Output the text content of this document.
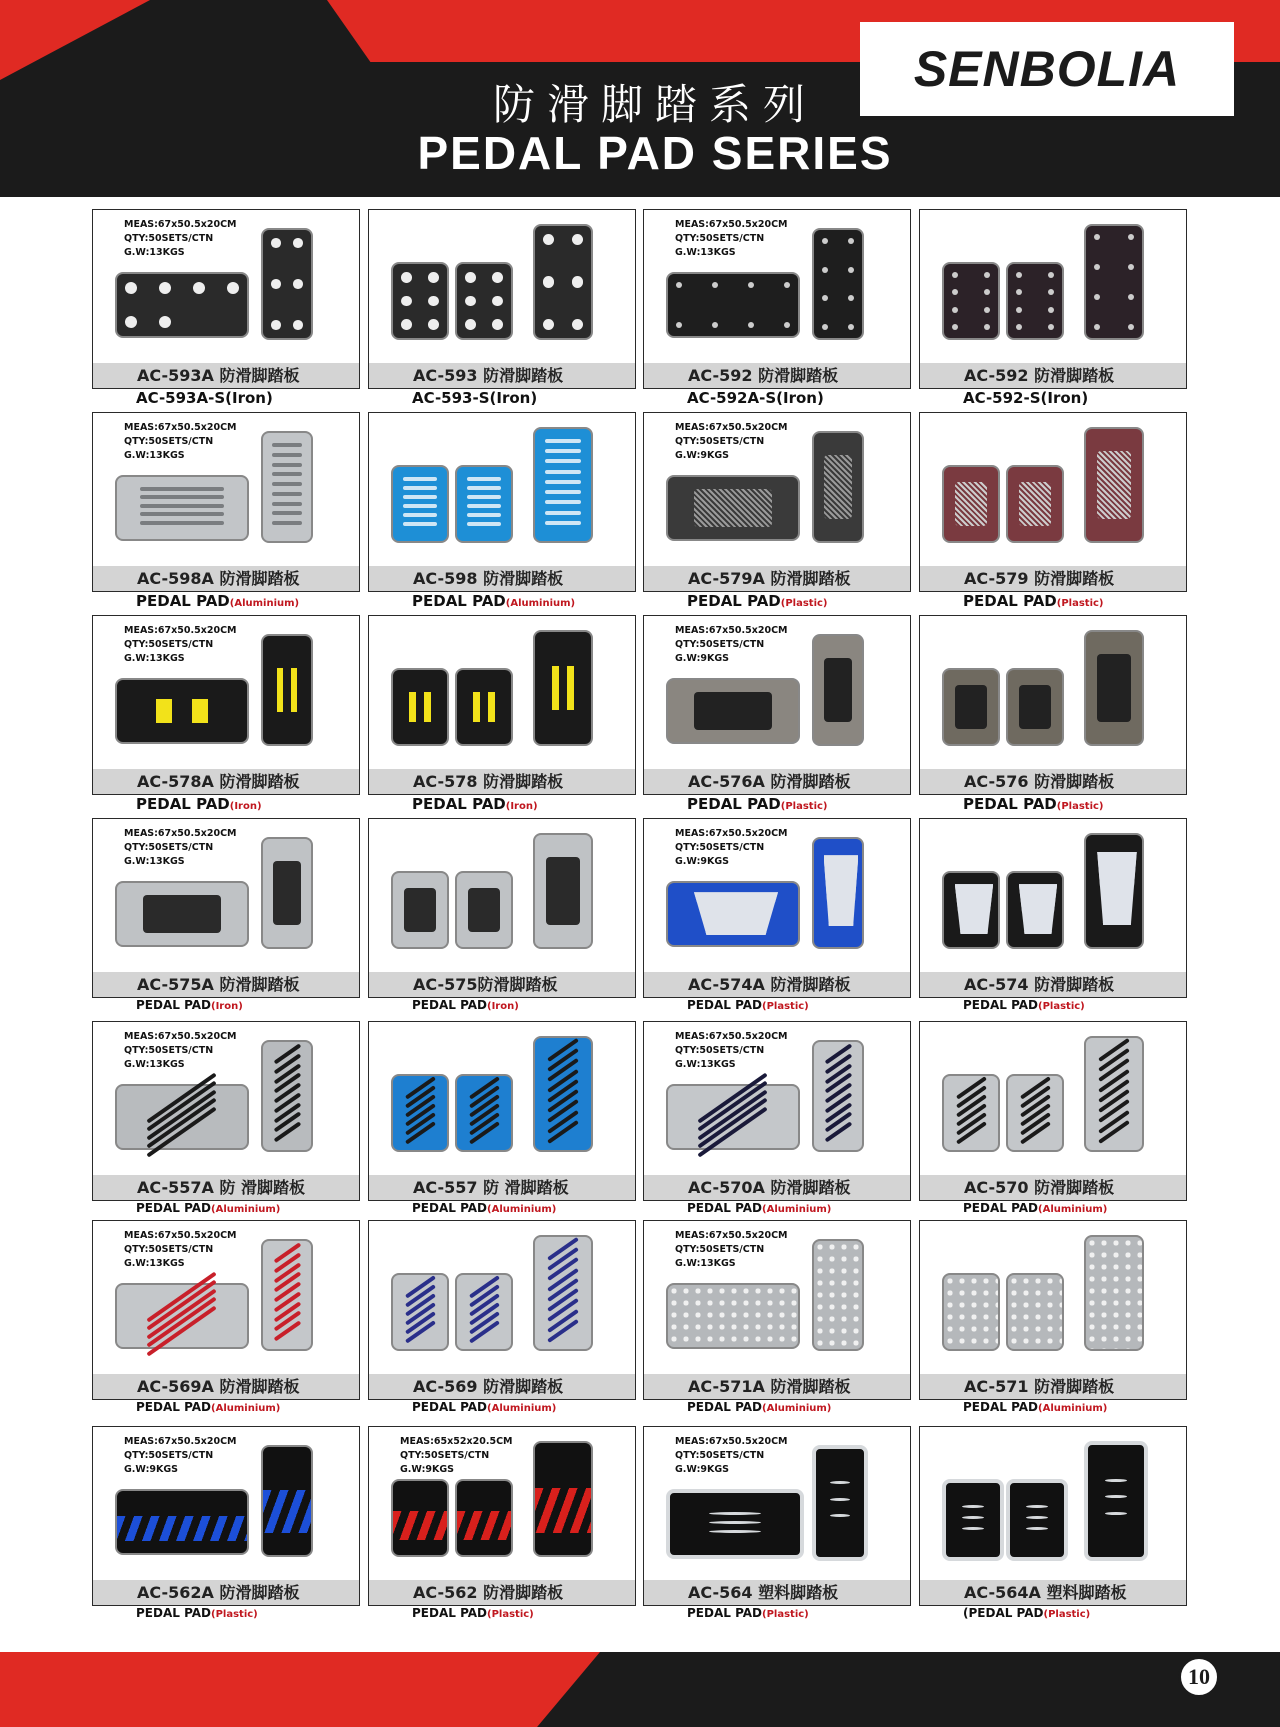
SENBOLIA
防滑脚踏系列
PEDAL PAD SERIES
MEAS:67x50.5x20CM
QTY:50SETS/CTN
G.W:13KGS
AC-593A 防滑脚踏板
AC-593A-S(Iron)
AC-593 防滑脚踏板
AC-593-S(Iron)
MEAS:67x50.5x20CM
QTY:50SETS/CTN
G.W:13KGS
AC-592 防滑脚踏板
AC-592A-S(Iron)
AC-592 防滑脚踏板
AC-592-S(Iron)
MEAS:67x50.5x20CM
QTY:50SETS/CTN
G.W:13KGS
AC-598A 防滑脚踏板
PEDAL PAD(Aluminium)
AC-598 防滑脚踏板
PEDAL PAD(Aluminium)
MEAS:67x50.5x20CM
QTY:50SETS/CTN
G.W:9KGS
AC-579A 防滑脚踏板
PEDAL PAD(Plastic)
AC-579 防滑脚踏板
PEDAL PAD(Plastic)
MEAS:67x50.5x20CM
QTY:50SETS/CTN
G.W:13KGS
AC-578A 防滑脚踏板
PEDAL PAD(Iron)
AC-578 防滑脚踏板
PEDAL PAD(Iron)
MEAS:67x50.5x20CM
QTY:50SETS/CTN
G.W:9KGS
AC-576A 防滑脚踏板
PEDAL PAD(Plastic)
AC-576 防滑脚踏板
PEDAL PAD(Plastic)
MEAS:67x50.5x20CM
QTY:50SETS/CTN
G.W:13KGS
AC-575A 防滑脚踏板
PEDAL PAD(Iron)
AC-575防滑脚踏板
PEDAL PAD(Iron)
MEAS:67x50.5x20CM
QTY:50SETS/CTN
G.W:9KGS
AC-574A 防滑脚踏板
PEDAL PAD(Plastic)
AC-574 防滑脚踏板
PEDAL PAD(Plastic)
MEAS:67x50.5x20CM
QTY:50SETS/CTN
G.W:13KGS
AC-557A 防 滑脚踏板
PEDAL PAD(Aluminium)
AC-557 防 滑脚踏板
PEDAL PAD(Aluminium)
MEAS:67x50.5x20CM
QTY:50SETS/CTN
G.W:13KGS
AC-570A 防滑脚踏板
PEDAL PAD(Aluminium)
AC-570 防滑脚踏板
PEDAL PAD(Aluminium)
MEAS:67x50.5x20CM
QTY:50SETS/CTN
G.W:13KGS
AC-569A 防滑脚踏板
PEDAL PAD(Aluminium)
AC-569 防滑脚踏板
PEDAL PAD(Aluminium)
MEAS:67x50.5x20CM
QTY:50SETS/CTN
G.W:13KGS
AC-571A 防滑脚踏板
PEDAL PAD(Aluminium)
AC-571 防滑脚踏板
PEDAL PAD(Aluminium)
MEAS:67x50.5x20CM
QTY:50SETS/CTN
G.W:9KGS
AC-562A 防滑脚踏板
PEDAL PAD(Plastic)
MEAS:65x52x20.5CM
QTY:50SETS/CTN
G.W:9KGS
AC-562 防滑脚踏板
PEDAL PAD(Plastic)
MEAS:67x50.5x20CM
QTY:50SETS/CTN
G.W:9KGS
AC-564 塑料脚踏板
PEDAL PAD(Plastic)
AC-564A 塑料脚踏板
(PEDAL PAD(Plastic)
10
